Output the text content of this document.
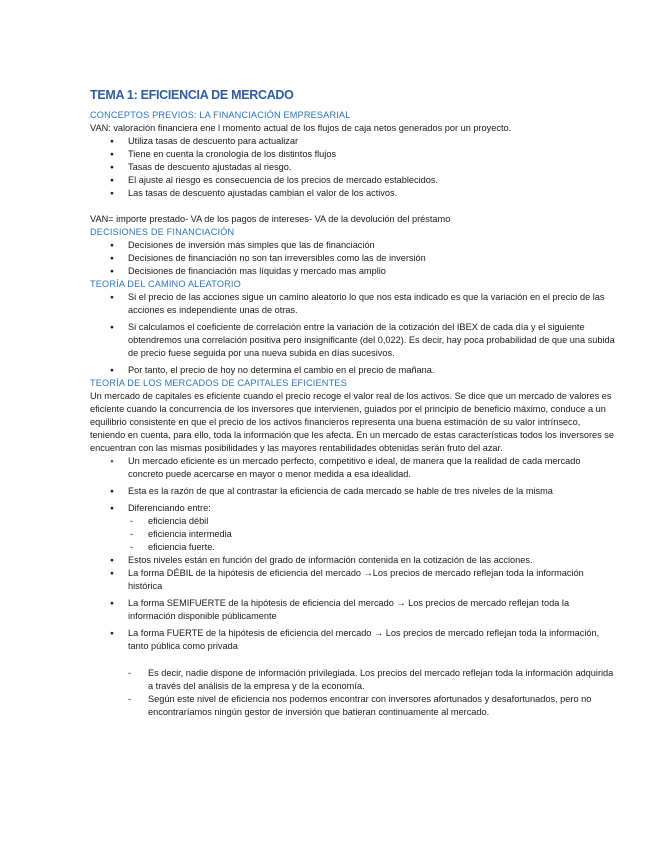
TEMA 1: EFICIENCIA DE MERCADO
CONCEPTOS PREVIOS: LA FINANCIACIÓN EMPRESARIAL
VAN: valoración financiera ene l momento actual de los flujos de caja netos generados por un proyecto.
● Utiliza tasas de descuento para actualizar
● Tiene en cuenta la cronología de los distintos flujos
● Tasas de descuento ajustadas al riesgo.
● El ajuste al riesgo es consecuencia de los precios de mercado establecidos.
● Las tasas de descuento ajustadas cambian el valor de los activos.
VAN= importe prestado- VA de los pagos de intereses- VA de la devolución del préstamo
DECISIONES DE FINANCIACIÓN
● Decisiones de inversión más simples que las de financiación
● Decisiones de financiación no son tan irreversibles como las de inversión
● Decisiones de financiación mas líquidas y mercado mas amplio
TEORÍA DEL CAMINO ALEATORIO
● Si el precio de las acciones sigue un camino aleatorio lo que nos esta indicado es que la variación en el precio de las acciones es independiente unas de otras.
● Si calculamos el coeficiente de correlación entre la variación de la cotización del IBEX de cada día y el siguiente obtendremos una correlación positiva pero insignificante (del 0,022). Es decir, hay poca probabilidad de que una subida de precio fuese seguida por una nueva subida en días sucesivos.
● Por tanto, el precio de hoy no determina el cambio en el precio de mañana.
TEORÍA DE LOS MERCADOS DE CAPITALES EFICIENTES
Un mercado de capitales es eficiente cuando el precio recoge el valor real de los activos. Se dice que un mercado de valores es eficiente cuando la concurrencia de los inversores que intervienen, guiados por el principio de beneficio máximo, conduce a un equilibrio consistente en que el precio de los activos financieros representa una buena estimación de su valor intrínseco, teniendo en cuenta, para ello, toda la información que les afecta. En un mercado de estas características todos los inversores se encuentran con las mismas posibilidades y las mayores rentabilidades obtenidas serán fruto del azar.
● Un mercado eficiente es un mercado perfecto, competitivo e ideal, de manera que la realidad de cada mercado concreto puede acercarse en mayor o menor medida a esa idealidad.
● Esta es la razón de que al contrastar la eficiencia de cada mercado se hable de tres niveles de la misma
● Diferenciando entre:
- eficiencia débil
- eficiencia intermedia
- eficiencia fuerte.
● Estos niveles están en función del grado de información contenida en la cotización de las acciones.
● La forma DÉBIL de la hipótesis de eficiencia del mercado →Los precios de mercado reflejan toda la información histórica
● La forma SEMIFUERTE de la hipótesis de eficiencia del mercado → Los precios de mercado reflejan toda la información disponible públicamente
● La forma FUERTE de la hipótesis de eficiencia del mercado → Los precios de mercado reflejan toda la información, tanto pública como privada
- Es decir, nadie dispone de información privilegiada. Los precios del mercado reflejan toda la información adquirida a través del análisis de la empresa y de la economía.
- Según este nivel de eficiencia nos podemos encontrar con inversores afortunados y desafortunados, pero no encontraríamos ningún gestor de inversión que batieran continuamente al mercado.
